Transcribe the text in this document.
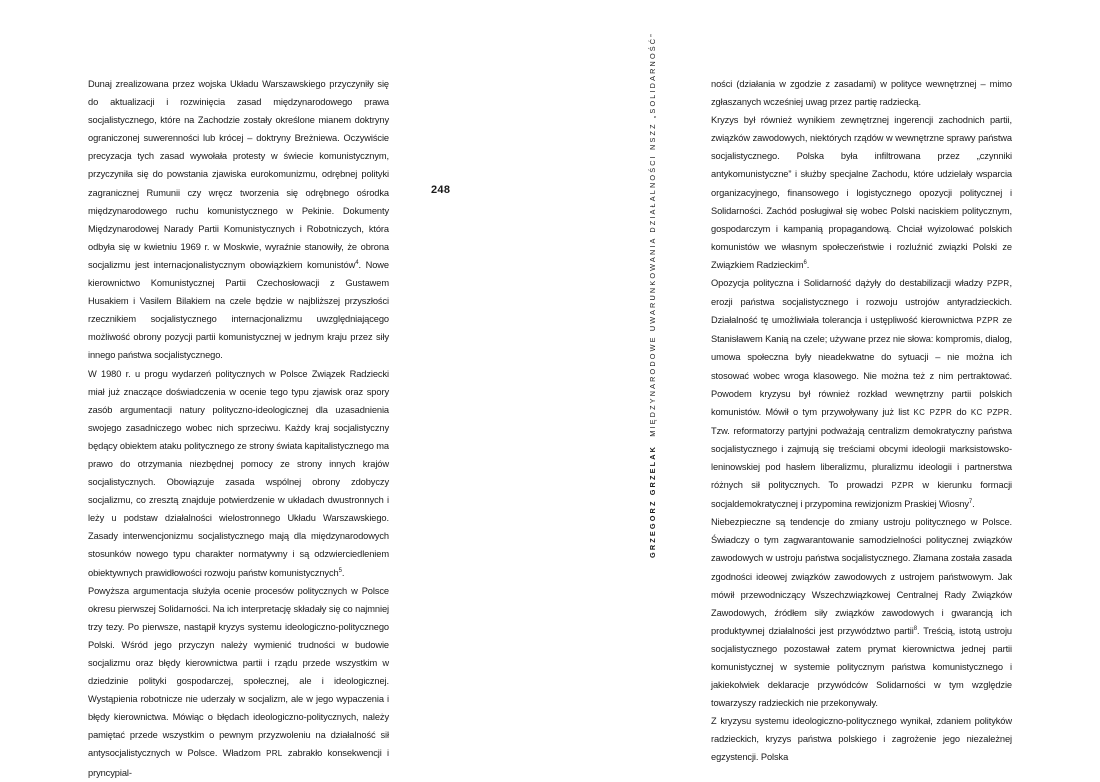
GRZEGORZ GRZELAK MIĘDZYNARODOWE UWARUNKOWANIA DZIAŁALNOŚCI NSZZ „SOLIDARNOŚĆ”
248

Dunaj zrealizowana przez wojska Układu Warszawskiego przyczyniły się do aktualizacji i rozwinięcia zasad międzynarodowego prawa socjalistycznego, które na Zachodzie zostały określone mianem doktryny ograniczonej suwerenności lub krócej – doktryny Breżniewa. Oczywiście precyzacja tych zasad wywołała protesty w świecie komunistycznym, przyczyniła się do powstania zjawiska eurokomunizmu, odrębnej polityki zagranicznej Rumunii czy wręcz tworzenia się odrębnego ośrodka międzynarodowego ruchu komunistycznego w Pekinie. Dokumenty Międzynarodowej Narady Partii Komunistycznych i Robotniczych, która odbyła się w kwietniu 1969 r. w Moskwie, wyraźnie stanowiły, że obrona socjalizmu jest internacjonalistycznym obowiązkiem komunistów$^4$. Nowe kierownictwo Komunistycznej Partii Czechosłowacji z Gustawem Husakiem i Vasilem Bilakiem na czele będzie w najbliższej przyszłości rzecznikiem socjalistycznego internacjonalizmu uwzględniającego możliwość obrony pozycji partii komunistycznej w jednym kraju przez siły innego państwa socjalistycznego.

W 1980 r. u progu wydarzeń politycznych w Polsce Związek Radziecki miał już znaczące doświadczenia w ocenie tego typu zjawisk oraz spory zasób argumentacji natury polityczno-ideologicznej dla uzasadnienia swojego zasadniczego wobec nich sprzeciwu. Każdy kraj socjalistyczny będący obiektem ataku politycznego ze strony świata kapitalistycznego ma prawo do otrzymania niezbędnej pomocy ze strony innych krajów socjalistycznych. Obowiązuje zasada wspólnej obrony zdobyczy socjalizmu, co zresztą znajduje potwierdzenie w układach dwustronnych i leży u podstaw działalności wielostronnego Układu Warszawskiego. Zasady interwencjonizmu socjalistycznego mają dla międzynarodowych stosunków nowego typu charakter normatywny i są odzwierciedleniem obiektywnych prawidłowości rozwoju państw komunistycznych$^5$.

Powyższa argumentacja służyła ocenie procesów politycznych w Polsce okresu pierwszej Solidarności. Na ich interpretację składały się co najmniej trzy tezy. Po pierwsze, nastąpił kryzys systemu ideologiczno-politycznego Polski. Wśród jego przyczyn należy wymienić trudności w budowie socjalizmu oraz błędy kierownictwa partii i rządu przede wszystkim w dziedzinie polityki gospodarczej, społecznej, ale i ideologicznej. Wystąpienia robotnicze nie uderzały w socjalizm, ale w jego wypaczenia i błędy kierownictwa. Mówiąc o błędach ideologiczno-politycznych, należy pamiętać przede wszystkim o pewnym przyzwoleniu na działalność sił antysocjalistycznych w Polsce. Władzom PRL zabrakło konsekwencji i pryncypial-

ności (działania w zgodzie z zasadami) w polityce wewnętrznej – mimo zgłaszanych wcześniej uwag przez partię radziecką.

Kryzys był również wynikiem zewnętrznej ingerencji zachodnich partii, związków zawodowych, niektórych rządów w wewnętrzne sprawy państwa socjalistycznego. Polska była infiltrowana przez „czynniki antykomunistyczne” i służby specjalne Zachodu, które udzielały wsparcia organizacyjnego, finansowego i logistycznego opozycji politycznej i Solidarności. Zachód posługiwał się wobec Polski naciskiem politycznym, gospodarczym i kampanią propagandową. Chciał wyizolować polskich komunistów we własnym społeczeństwie i rozluźnić związki Polski ze Związkiem Radzieckim$^6$.

Opozycja polityczna i Solidarność dążyły do destabilizacji władzy PZPR, erozji państwa socjalistycznego i rozwoju ustrojów antyradzieckich. Działalność tę umożliwiała tolerancja i ustępliwość kierownictwa PZPR ze Stanisławem Kanią na czele; używane przez nie słowa: kompromis, dialog, umowa społeczna były nieadekwatne do sytuacji – nie można ich stosować wobec wroga klasowego. Nie można też z nim pertraktować. Powodem kryzysu był również rozkład wewnętrzny partii polskich komunistów. Mówił o tym przywoływany już list KC PZPR do KC PZPR. Tzw. reformatorzy partyjni podważają centralizm demokratyczny państwa socjalistycznego i zajmują się treściami obcymi ideologii marksistowsko-leninowskiej pod hasłem liberalizmu, pluralizmu ideologii i partnerstwa różnych sił politycznych. To prowadzi PZPR w kierunku formacji socjaldemokratycznej i przypomina rewizjonizm Praskiej Wiosny$^7$.

Niebezpieczne są tendencje do zmiany ustroju politycznego w Polsce. Świadczy o tym zagwarantowanie samodzielności politycznej związków zawodowych w ustroju państwa socjalistycznego. Złamana została zasada zgodności ideowej związków zawodowych z ustrojem państwowym. Jak mówił przewodniczący Wszechzwiązkowej Centralnej Rady Związków Zawodowych, źródłem siły związków zawodowych i gwarancją ich produktywnej działalności jest przywództwo partii$^8$. Treścią, istotą ustroju socjalistycznego pozostawał zatem prymat kierownictwa jednej partii komunistycznej w systemie politycznym państwa komunistycznego i jakiekolwiek deklaracje przywódców Solidarności w tym względzie towarzyszy radzieckich nie przekonywały.

Z kryzysu systemu ideologiczno-politycznego wynikał, zdaniem polityków radzieckich, kryzys państwa polskiego i zagrożenie jego niezależnej egzystencji. Polska
